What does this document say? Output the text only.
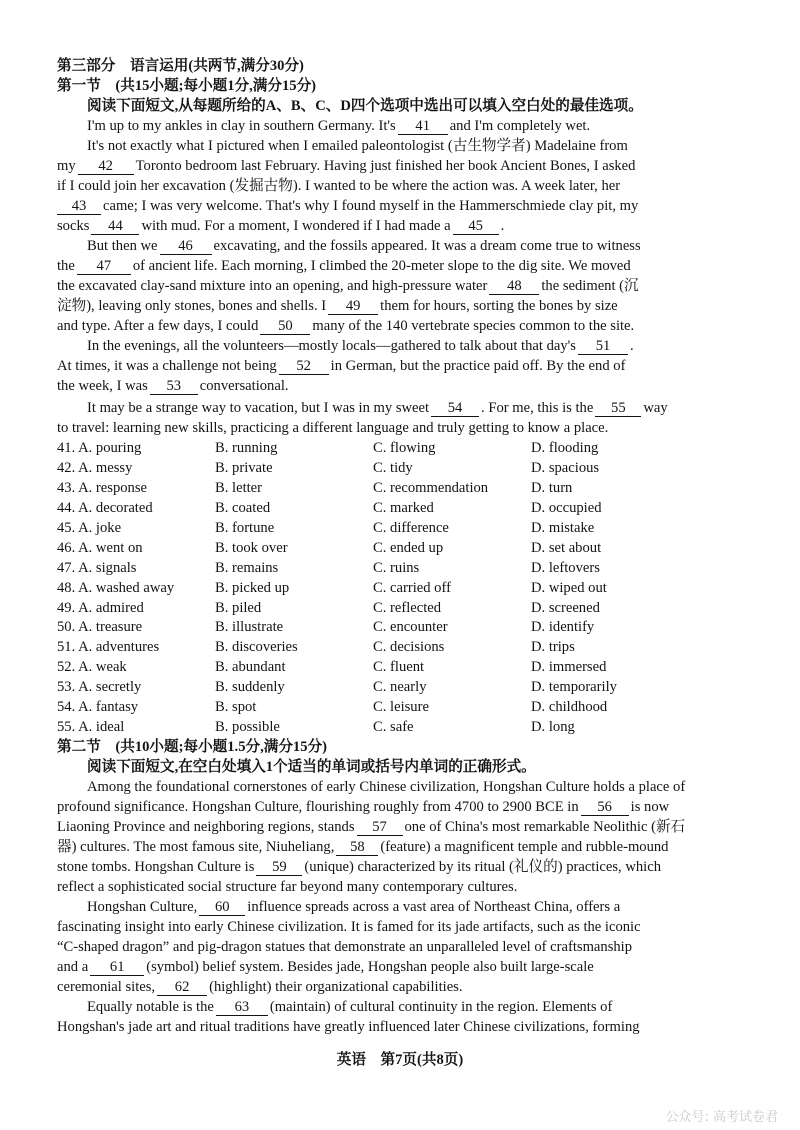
第三部分　语言运用(共两节,满分30分)
第一节　(共15小题;每小题1分,满分15分)
阅读下面短文,从每题所给的A、B、C、D四个选项中选出可以填入空白处的最佳选项。
I'm up to my ankles in clay in southern Germany. It's 41 and I'm completely wet.
It's not exactly what I pictured when I emailed paleontologist (古生物学者) Madelaine from
my 42 Toronto bedroom last February. Having just finished her book Ancient Bones, I asked
if I could join her excavation (发掘古物). I wanted to be where the action was. A week later, her
43 came; I was very welcome. That's why I found myself in the Hammerschmiede clay pit, my
socks 44 with mud. For a moment, I wondered if I had made a 45 .
But then we 46 excavating, and the fossils appeared. It was a dream come true to witness
the 47 of ancient life. Each morning, I climbed the 20-meter slope to the dig site. We moved
the excavated clay-sand mixture into an opening, and high-pressure water 48 the sediment (沉
淀物), leaving only stones, bones and shells. I 49 them for hours, sorting the bones by size
and type. After a few days, I could 50 many of the 140 vertebrate species common to the site.
In the evenings, all the volunteers—mostly locals—gathered to talk about that day's 51 .
At times, it was a challenge not being 52 in German, but the practice paid off. By the end of
the week, I was 53 conversational.
It may be a strange way to vacation, but I was in my sweet 54 . For me, this is the 55 way
to travel: learning new skills, practicing a different language and truly getting to know a place.
41. A. pouring	B. running	C. flowing	D. flooding
42. A. messy	B. private	C. tidy	D. spacious
43. A. response	B. letter	C. recommendation	D. turn
44. A. decorated	B. coated	C. marked	D. occupied
45. A. joke	B. fortune	C. difference	D. mistake
46. A. went on	B. took over	C. ended up	D. set about
47. A. signals	B. remains	C. ruins	D. leftovers
48. A. washed away	B. picked up	C. carried off	D. wiped out
49. A. admired	B. piled	C. reflected	D. screened
50. A. treasure	B. illustrate	C. encounter	D. identify
51. A. adventures	B. discoveries	C. decisions	D. trips
52. A. weak	B. abundant	C. fluent	D. immersed
53. A. secretly	B. suddenly	C. nearly	D. temporarily
54. A. fantasy	B. spot	C. leisure	D. childhood
55. A. ideal	B. possible	C. safe	D. long
第二节　(共10小题;每小题1.5分,满分15分)
阅读下面短文,在空白处填入1个适当的单词或括号内单词的正确形式。
Among the foundational cornerstones of early Chinese civilization, Hongshan Culture holds a place of
profound significance. Hongshan Culture, flourishing roughly from 4700 to 2900 BCE in 56 is now
Liaoning Province and neighboring regions, stands 57 one of China's most remarkable Neolithic (新石
器) cultures. The most famous site, Niuheliang, 58 (feature) a magnificent temple and rubble-mound
stone tombs. Hongshan Culture is 59 (unique) characterized by its ritual (礼仪的) practices, which
reflect a sophisticated social structure far beyond many contemporary cultures.
Hongshan Culture, 60 influence spreads across a vast area of Northeast China, offers a
fascinating insight into early Chinese civilization. It is famed for its jade artifacts, such as the iconic
“C-shaped dragon” and pig-dragon statues that demonstrate an unparalleled level of craftsmanship
and a 61 (symbol) belief system. Besides jade, Hongshan people also built large-scale
ceremonial sites, 62 (highlight) their organizational capabilities.
Equally notable is the 63 (maintain) of cultural continuity in the region. Elements of
Hongshan's jade art and ritual traditions have greatly influenced later Chinese civilizations, forming
英语　第7页(共8页)
公众号: 高考试卷君
